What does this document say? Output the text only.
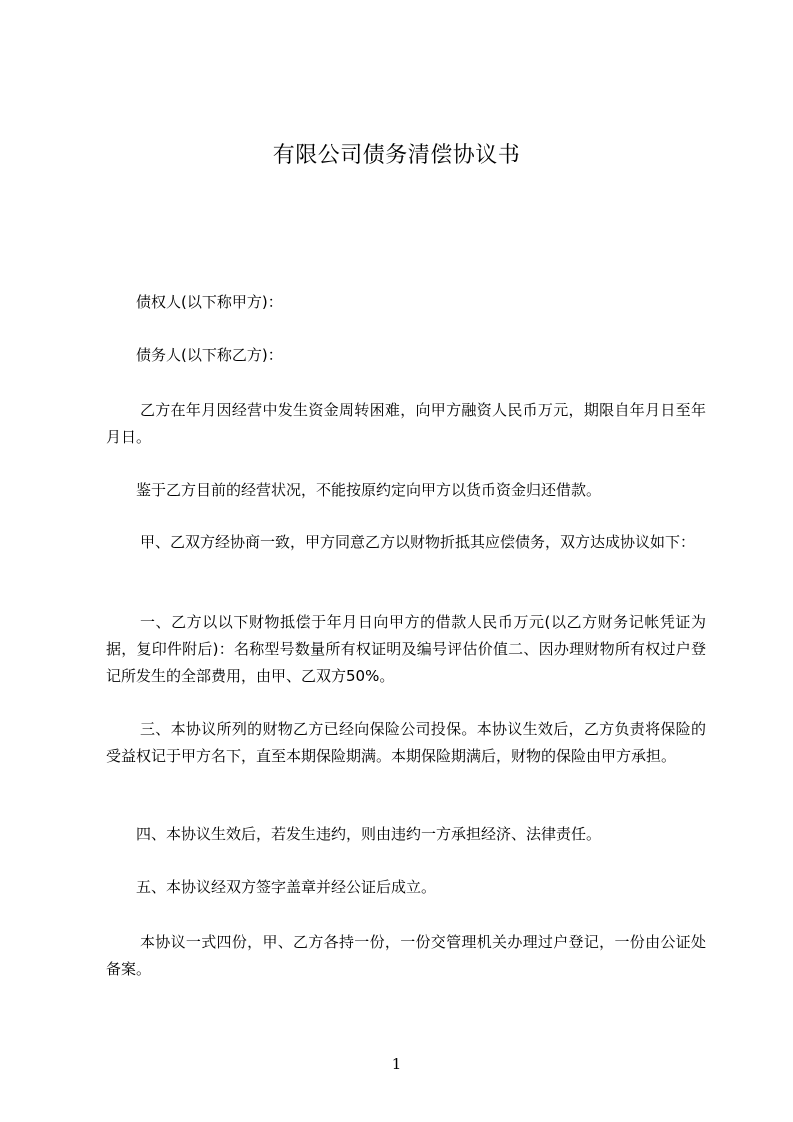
有限公司债务清偿协议书
债权人(以下称甲方)：
债务人(以下称乙方)：
乙方在年月因经营中发生资金周转困难，向甲方融资人民币万元，期限自年月日至年月日。
鉴于乙方目前的经营状况，不能按原约定向甲方以货币资金归还借款。
甲、乙双方经协商一致，甲方同意乙方以财物折抵其应偿债务，双方达成协议如下：
一、乙方以以下财物抵偿于年月日向甲方的借款人民币万元(以乙方财务记帐凭证为据，复印件附后)：名称型号数量所有权证明及编号评估价值二、因办理财物所有权过户登记所发生的全部费用，由甲、乙双方50%。
三、本协议所列的财物乙方已经向保险公司投保。本协议生效后，乙方负责将保险的受益权记于甲方名下，直至本期保险期满。本期保险期满后，财物的保险由甲方承担。
四、本协议生效后，若发生违约，则由违约一方承担经济、法律责任。
五、本协议经双方签字盖章并经公证后成立。
本协议一式四份，甲、乙方各持一份，一份交管理机关办理过户登记，一份由公证处备案。
1
